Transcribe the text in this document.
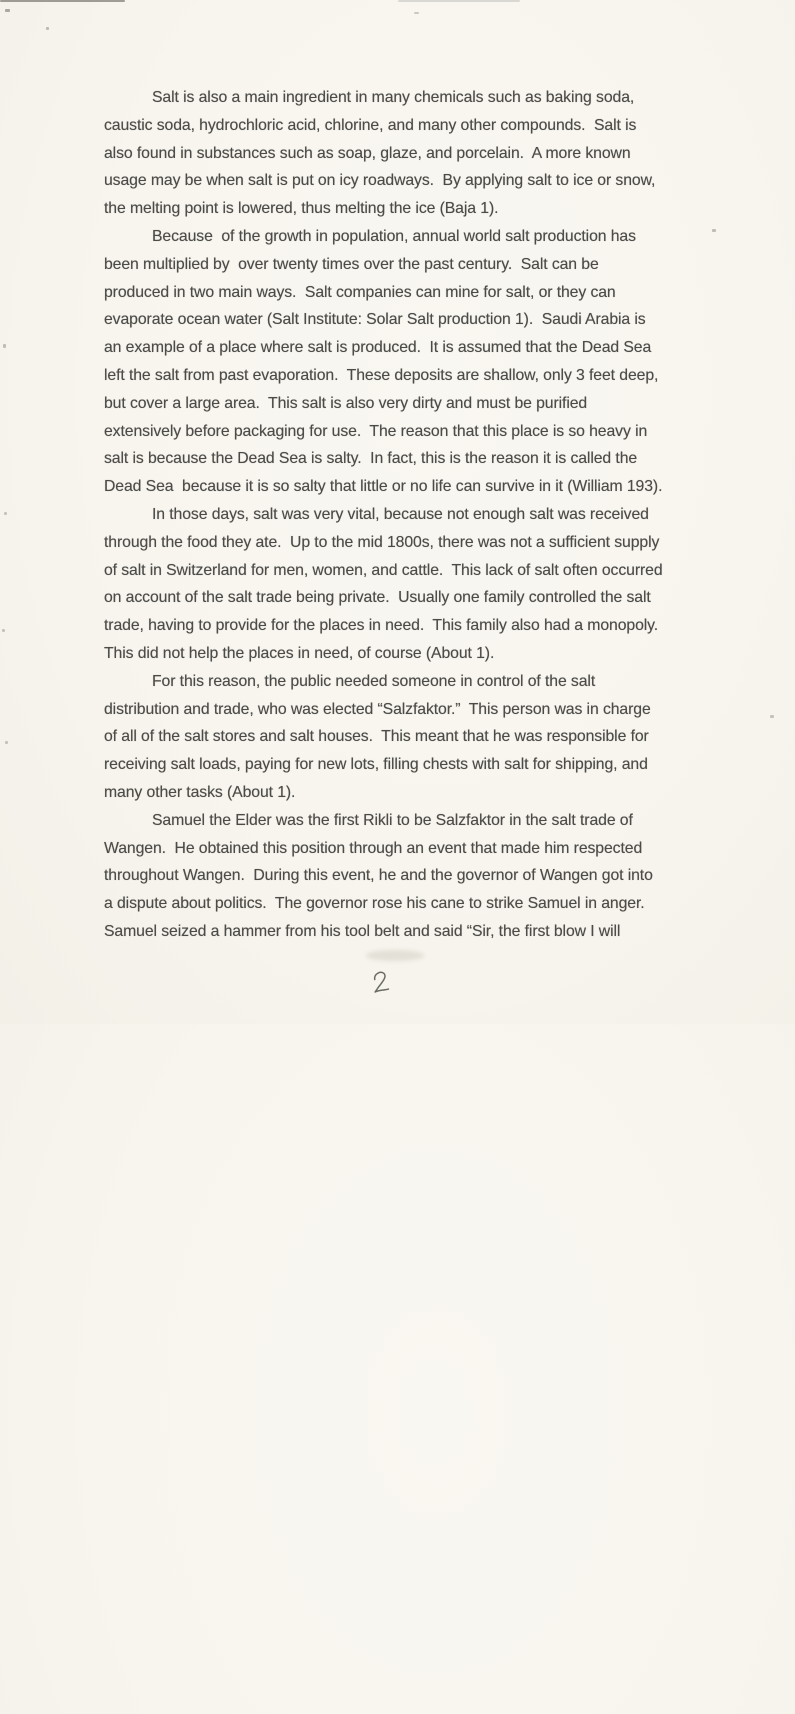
Salt is also a main ingredient in many chemicals such as baking soda,
caustic soda, hydrochloric acid, chlorine, and many other compounds.  Salt is
also found in substances such as soap, glaze, and porcelain.  A more known
usage may be when salt is put on icy roadways.  By applying salt to ice or snow,
the melting point is lowered, thus melting the ice (Baja 1).
Because  of the growth in population, annual world salt production has
been multiplied by  over twenty times over the past century.  Salt can be
produced in two main ways.  Salt companies can mine for salt, or they can
evaporate ocean water (Salt Institute: Solar Salt production 1).  Saudi Arabia is
an example of a place where salt is produced.  It is assumed that the Dead Sea
left the salt from past evaporation.  These deposits are shallow, only 3 feet deep,
but cover a large area.  This salt is also very dirty and must be purified
extensively before packaging for use.  The reason that this place is so heavy in
salt is because the Dead Sea is salty.  In fact, this is the reason it is called the
Dead Sea  because it is so salty that little or no life can survive in it (William 193).
In those days, salt was very vital, because not enough salt was received
through the food they ate.  Up to the mid 1800s, there was not a sufficient supply
of salt in Switzerland for men, women, and cattle.  This lack of salt often occurred
on account of the salt trade being private.  Usually one family controlled the salt
trade, having to provide for the places in need.  This family also had a monopoly.
This did not help the places in need, of course (About 1).
For this reason, the public needed someone in control of the salt
distribution and trade, who was elected “Salzfaktor.”  This person was in charge
of all of the salt stores and salt houses.  This meant that he was responsible for
receiving salt loads, paying for new lots, filling chests with salt for shipping, and
many other tasks (About 1).
Samuel the Elder was the first Rikli to be Salzfaktor in the salt trade of
Wangen.  He obtained this position through an event that made him respected
throughout Wangen.  During this event, he and the governor of Wangen got into
a dispute about politics.  The governor rose his cane to strike Samuel in anger.
Samuel seized a hammer from his tool belt and said “Sir, the first blow I will
